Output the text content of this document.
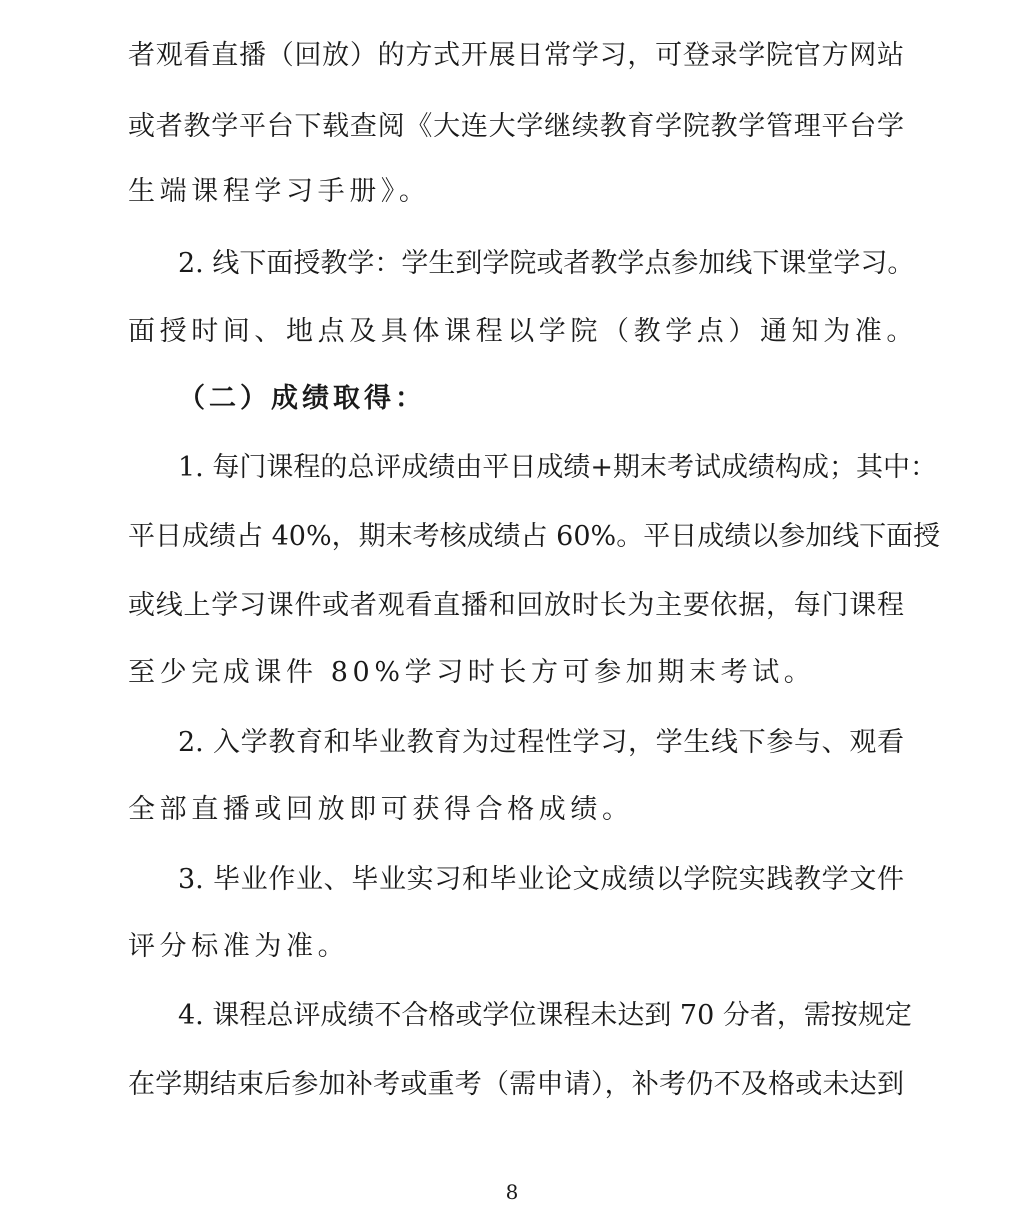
者观看直播（回放）的方式开展日常学习，可登录学院官方网站
或者教学平台下载查阅《大连大学继续教育学院教学管理平台学
生端课程学习手册》。
2. 线下面授教学：学生到学院或者教学点参加线下课堂学习。
面授时间、地点及具体课程以学院（教学点）通知为准。
（二）成绩取得：
1. 每门课程的总评成绩由平日成绩+期末考试成绩构成；其中：
平日成绩占 40%，期末考核成绩占 60%。平日成绩以参加线下面授
或线上学习课件或者观看直播和回放时长为主要依据，每门课程
至少完成课件 80%学习时长方可参加期末考试。
2. 入学教育和毕业教育为过程性学习，学生线下参与、观看
全部直播或回放即可获得合格成绩。
3. 毕业作业、毕业实习和毕业论文成绩以学院实践教学文件
评分标准为准。
4. 课程总评成绩不合格或学位课程未达到 70 分者，需按规定
在学期结束后参加补考或重考（需申请），补考仍不及格或未达到
8
